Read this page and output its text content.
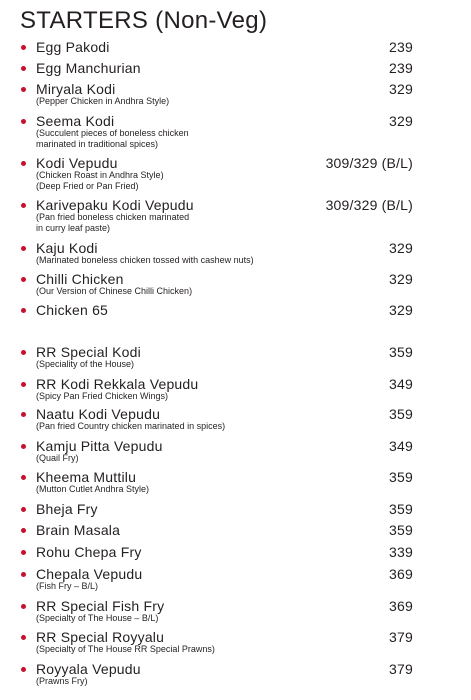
STARTERS (Non-Veg)
Egg Pakodi	239
Egg Manchurian	239
Miryala Kodi	329
(Pepper Chicken in Andhra Style)
Seema Kodi	329
(Succulent pieces of boneless chicken
marinated in traditional spices)
Kodi Vepudu	309/329 (B/L)
(Chicken Roast in Andhra Style)
(Deep Fried or Pan Fried)
Karivepaku Kodi Vepudu	309/329 (B/L)
(Pan fried boneless chicken marinated
in curry leaf paste)
Kaju Kodi	329
(Marinated boneless chicken tossed with cashew nuts)
Chilli Chicken	329
(Our Version of Chinese Chilli Chicken)
Chicken 65	329
RR Special Kodi	359
(Speciality of the House)
RR Kodi Rekkala Vepudu	349
(Spicy Pan Fried Chicken Wings)
Naatu Kodi Vepudu	359
(Pan fried Country chicken marinated in spices)
Kamju Pitta Vepudu	349
(Quail Fry)
Kheema Muttilu	359
(Mutton Cutlet Andhra Style)
Bheja Fry	359
Brain Masala	359
Rohu Chepa Fry	339
Chepala Vepudu	369
(Fish Fry – B/L)
RR Special Fish Fry	369
(Specialty of The House – B/L)
RR Special Royyalu	379
(Specialty of The House RR Special Prawns)
Royyala Vepudu	379
(Prawns Fry)
